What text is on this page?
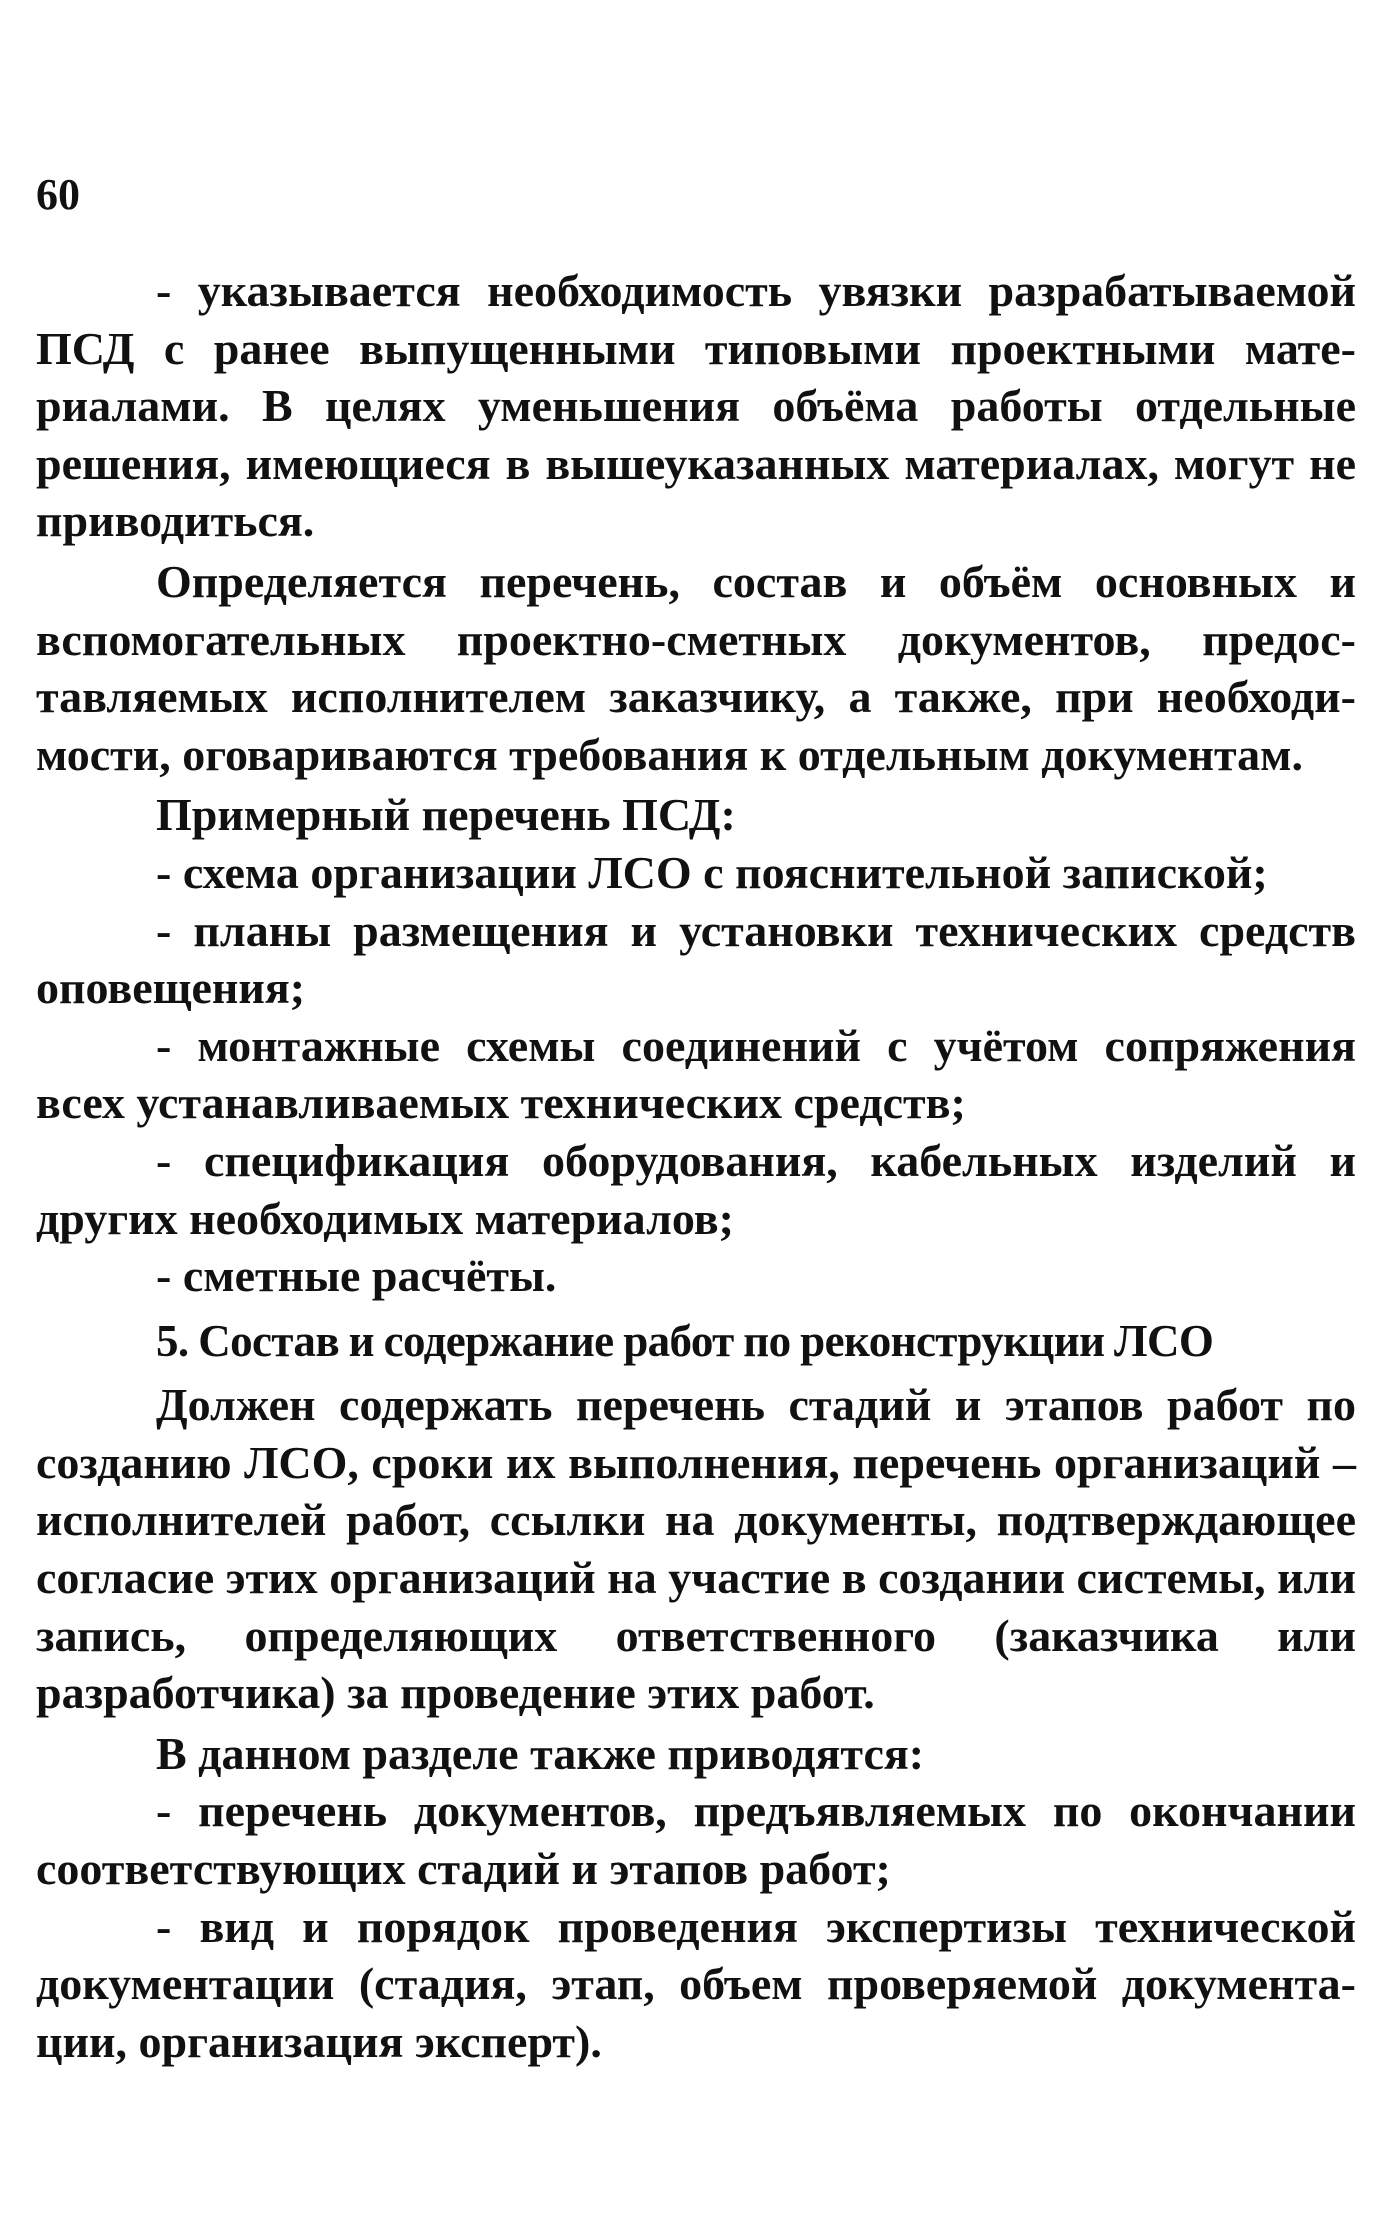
60

- указывается необходимость увязки разрабатываемой ПСД с ранее выпущенными типовыми проектными материалами. В целях уменьшения объёма работы отдельные решения, имеющиеся в вышеуказанных материалах, могут не приводиться.

Определяется перечень, состав и объём основных и вспомогательных проектно-сметных документов, предоставляемых исполнителем заказчику, а также, при необходимости, оговариваются требования к отдельным документам.

Примерный перечень ПСД:

- схема организации ЛСО с пояснительной запиской;

- планы размещения и установки технических средств оповещения;

- монтажные схемы соединений с учётом сопряжения всех устанавливаемых технических средств;

- спецификация оборудования, кабельных изделий и других необходимых материалов;

- сметные расчёты.

5. Состав и содержание работ по реконструкции ЛСО

Должен содержать перечень стадий и этапов работ по созданию ЛСО, сроки их выполнения, перечень организаций – исполнителей работ, ссылки на документы, подтверждающее согласие этих организаций на участие в создании системы, или запись, определяющих ответственного (заказчика или разработчика) за проведение этих работ.

В данном разделе также приводятся:

- перечень документов, предъявляемых по окончании соответствующих стадий и этапов работ;

- вид и порядок проведения экспертизы технической документации (стадия, этап, объем проверяемой документации, организация эксперт).
